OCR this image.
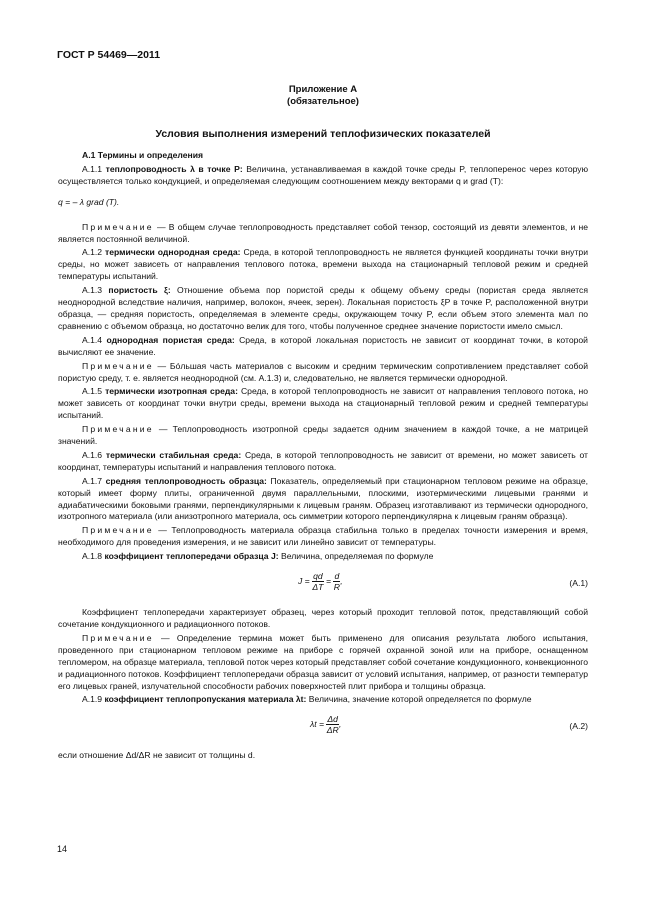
ГОСТ Р 54469—2011
Приложение А
(обязательное)
Условия выполнения измерений теплофизических показателей

А.1 Термины и определения

А.1.1 теплопроводность λ в точке P: Величина, устанавливаемая в каждой точке среды P, теплоперенос через которую осуществляется только кондукцией, и определяемая следующим соотношением между векторами q и grad (T):

q = – λ grad (T).

Примечание — В общем случае теплопроводность представляет собой тензор, состоящий из девяти элементов, и не является постоянной величиной.

А.1.2 термически однородная среда: Среда, в которой теплопроводность не является функцией координаты точки внутри среды, но может зависеть от направления теплового потока, времени выхода на стационарный тепловой режим и средней температуры испытаний.

А.1.3 пористость ξ: Отношение объема пор пористой среды к общему объему среды (пористая среда является неоднородной вследствие наличия, например, волокон, ячеек, зерен). Локальная пористость ξP в точке P, расположенной внутри образца, — средняя пористость, определяемая в элементе среды, окружающем точку P, если объем этого элемента мал по сравнению с объемом образца, но достаточно велик для того, чтобы полученное среднее значение пористости имело смысл.

А.1.4 однородная пористая среда: Среда, в которой локальная пористость не зависит от координат точки, в которой вычисляют ее значение.

Примечание — Бóльшая часть материалов с высоким и средним термическим сопротивлением представляет собой пористую среду, т. е. является неоднородной (см. А.1.3) и, следовательно, не является термически однородной.

А.1.5 термически изотропная среда: Среда, в которой теплопроводность не зависит от направления теплового потока, но может зависеть от координат точки внутри среды, времени выхода на стационарный тепловой режим и средней температуры испытаний.

Примечание — Теплопроводность изотропной среды задается одним значением в каждой точке, а не матрицей значений.

А.1.6 термически стабильная среда: Среда, в которой теплопроводность не зависит от времени, но может зависеть от координат, температуры испытаний и направления теплового потока.

А.1.7 средняя теплопроводность образца: Показатель, определяемый при стационарном тепловом режиме на образце, который имеет форму плиты, ограниченной двумя параллельными, плоскими, изотермическими лицевыми гранями и адиабатическими боковыми гранями, перпендикулярными к лицевым граням. Образец изготавливают из термически однородного, изотропного материала (или анизотропного материала, ось симметрии которого перпендикулярна к лицевым граням образца).

Примечание — Теплопроводность материала образца стабильна только в пределах точности измерения и время, необходимого для проведения измерения, и не зависит или линейно зависит от температуры.

А.1.8 коэффициент теплопередачи образца J: Величина, определяемая по формуле

$J = \frac{qd}{\Delta T} = \frac{d}{R}$ ,	(A.1)

Коэффициент теплопередачи характеризует образец, через который проходит тепловой поток, представляющий собой сочетание кондукционного и радиационного потоков.

Примечание — Определение термина может быть применено для описания результата любого испытания, проведенного при стационарном тепловом режиме на приборе с горячей охранной зоной или на приборе, оснащенном тепломером, на образце материала, тепловой поток через который представляет собой сочетание кондукционного, конвекционного и радиационного потоков. Коэффициент теплопередачи образца зависит от условий испытания, например, от разности температур его лицевых граней, излучательной способности рабочих поверхностей плит прибора и толщины образца.

А.1.9 коэффициент теплопропускания материала λt: Величина, значение которой определяется по формуле

$\lambda t = \frac{\Delta d}{\Delta R}$ ,	(A.2)

если отношение Δd/ΔR не зависит от толщины d.

14
